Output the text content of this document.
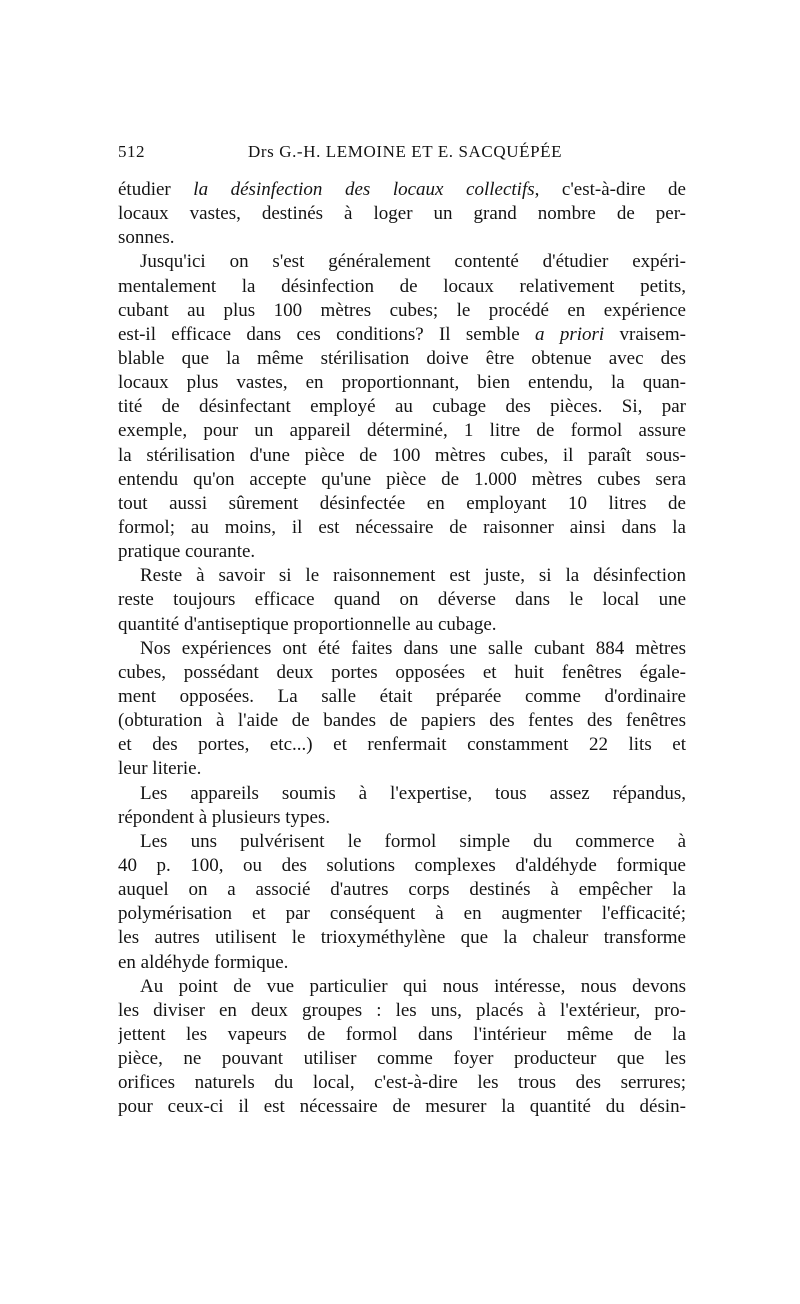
512	Drs G.-H. LEMOINE ET E. SACQUÉPÉE
étudier la désinfection des locaux collectifs, c'est-à-dire de
locaux vastes, destinés à loger un grand nombre de per-
sonnes.
Jusqu'ici on s'est généralement contenté d'étudier expéri-
mentalement la désinfection de locaux relativement petits,
cubant au plus 100 mètres cubes; le procédé en expérience
est-il efficace dans ces conditions? Il semble a priori vraisem-
blable que la même stérilisation doive être obtenue avec des
locaux plus vastes, en proportionnant, bien entendu, la quan-
tité de désinfectant employé au cubage des pièces. Si, par
exemple, pour un appareil déterminé, 1 litre de formol assure
la stérilisation d'une pièce de 100 mètres cubes, il paraît sous-
entendu qu'on accepte qu'une pièce de 1.000 mètres cubes sera
tout aussi sûrement désinfectée en employant 10 litres de
formol; au moins, il est nécessaire de raisonner ainsi dans la
pratique courante.
Reste à savoir si le raisonnement est juste, si la désinfection
reste toujours efficace quand on déverse dans le local une
quantité d'antiseptique proportionnelle au cubage.
Nos expériences ont été faites dans une salle cubant 884 mètres
cubes, possédant deux portes opposées et huit fenêtres égale-
ment opposées. La salle était préparée comme d'ordinaire
(obturation à l'aide de bandes de papiers des fentes des fenêtres
et des portes, etc...) et renfermait constamment 22 lits et
leur literie.
Les appareils soumis à l'expertise, tous assez répandus,
répondent à plusieurs types.
Les uns pulvérisent le formol simple du commerce à
40 p. 100, ou des solutions complexes d'aldéhyde formique
auquel on a associé d'autres corps destinés à empêcher la
polymérisation et par conséquent à en augmenter l'efficacité;
les autres utilisent le trioxyméthylène que la chaleur transforme
en aldéhyde formique.
Au point de vue particulier qui nous intéresse, nous devons
les diviser en deux groupes : les uns, placés à l'extérieur, pro-
jettent les vapeurs de formol dans l'intérieur même de la
pièce, ne pouvant utiliser comme foyer producteur que les
orifices naturels du local, c'est-à-dire les trous des serrures;
pour ceux-ci il est nécessaire de mesurer la quantité du désin-
